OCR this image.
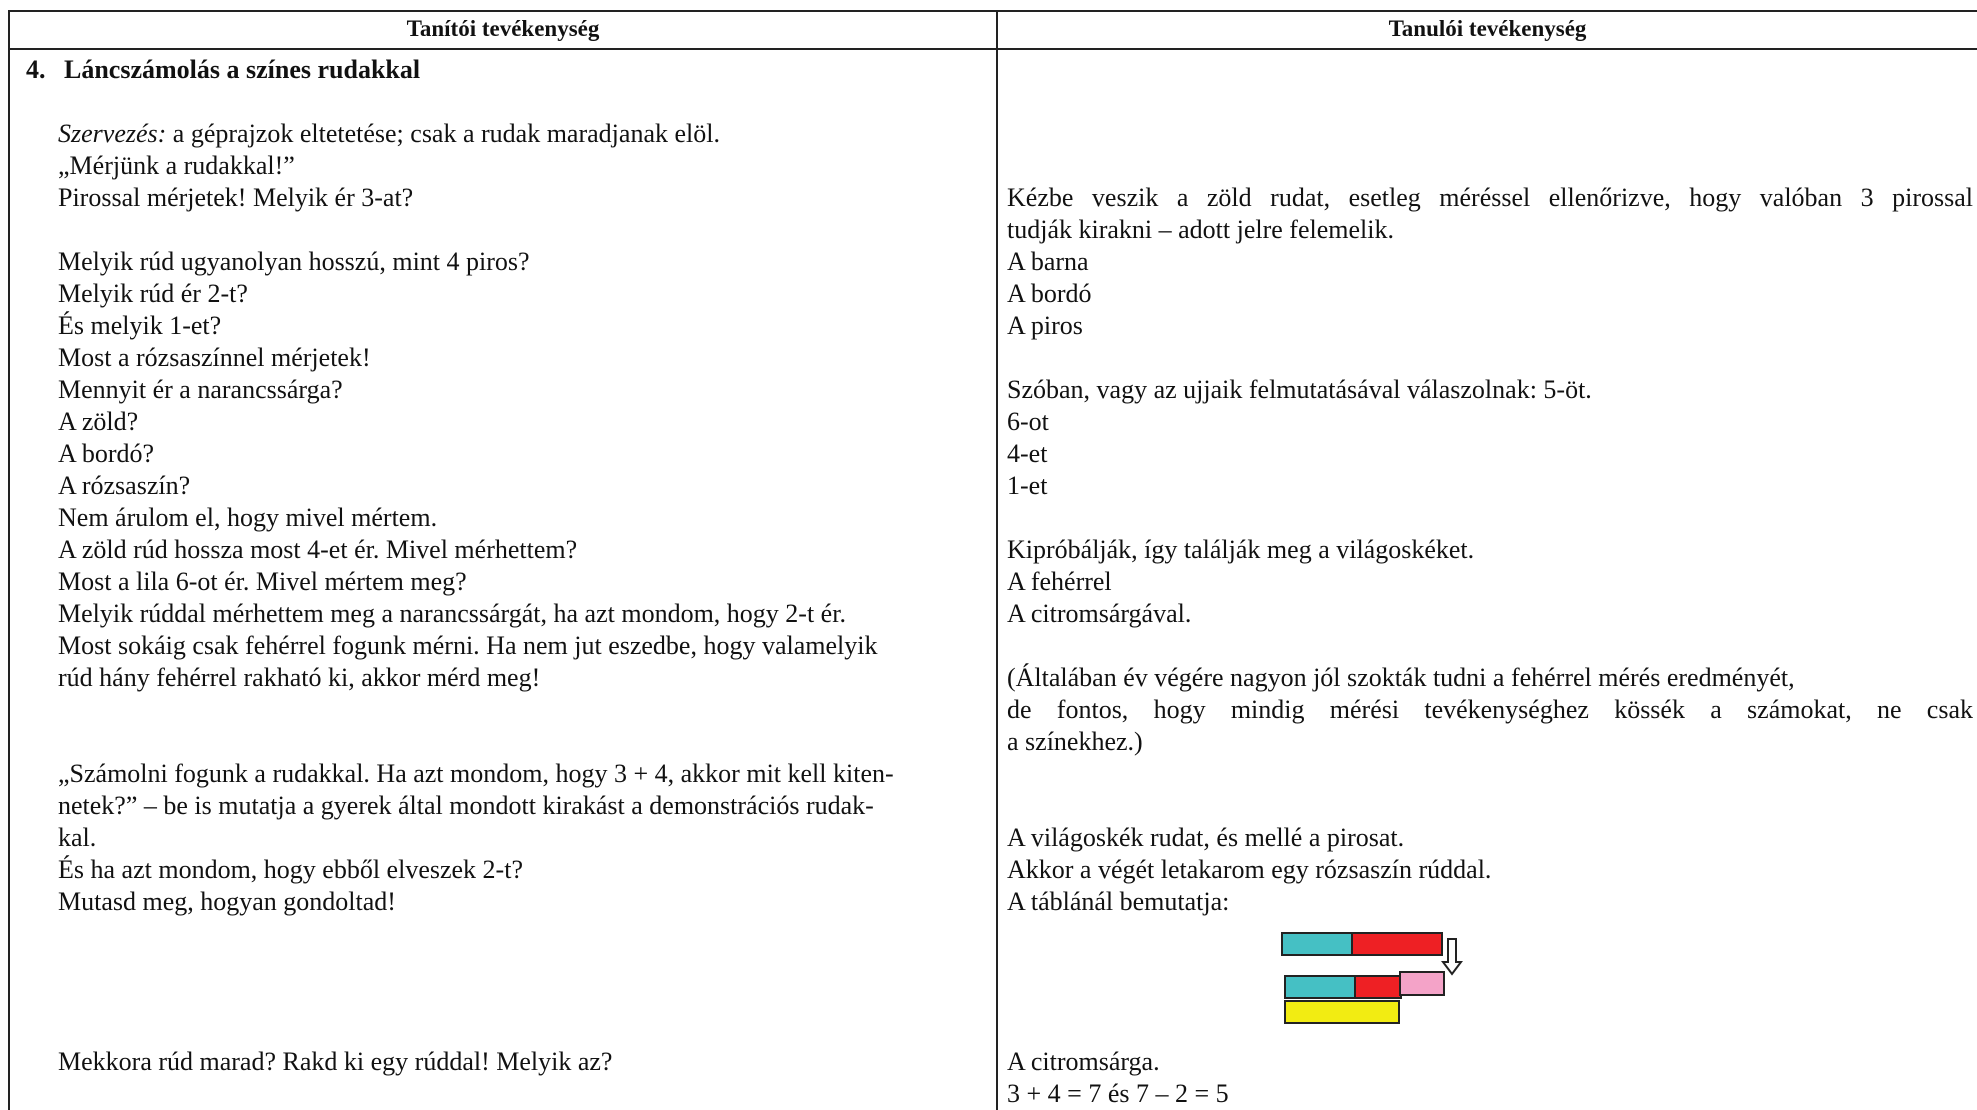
Tanítói tevékenység	Tanulói tevékenység
4. Láncszámolás a színes rudakkal
Szervezés: a géprajzok eltetetése; csak a rudak maradjanak elöl.
„Mérjünk a rudakkal!”
Pirossal mérjetek! Melyik ér 3-at?
Melyik rúd ugyanolyan hosszú, mint 4 piros?
Melyik rúd ér 2-t?
És melyik 1-et?
Most a rózsaszínnel mérjetek!
Mennyit ér a narancssárga?
A zöld?
A bordó?
A rózsaszín?
Nem árulom el, hogy mivel mértem.
A zöld rúd hossza most 4-et ér. Mivel mérhettem?
Most a lila 6-ot ér. Mivel mértem meg?
Melyik rúddal mérhettem meg a narancssárgát, ha azt mondom, hogy 2-t ér.
Most sokáig csak fehérrel fogunk mérni. Ha nem jut eszedbe, hogy valamelyik
rúd hány fehérrel rakható ki, akkor mérd meg!
„Számolni fogunk a rudakkal. Ha azt mondom, hogy 3 + 4, akkor mit kell kiten-
netek?” – be is mutatja a gyerek által mondott kirakást a demonstrációs rudak-
kal.
És ha azt mondom, hogy ebből elveszek 2-t?
Mutasd meg, hogyan gondoltad!
Mekkora rúd marad? Rakd ki egy rúddal! Melyik az?
Kézbe veszik a zöld rudat, esetleg méréssel ellenőrizve, hogy valóban 3 pirossal
tudják kirakni – adott jelre felemelik.
A barna
A bordó
A piros
Szóban, vagy az ujjaik felmutatásával válaszolnak: 5-öt.
6-ot
4-et
1-et
Kipróbálják, így találják meg a világoskéket.
A fehérrel
A citromsárgával.
(Általában év végére nagyon jól szokták tudni a fehérrel mérés eredményét,
de fontos, hogy mindig mérési tevékenységhez kössék a számokat, ne csak
a színekhez.)
A világoskék rudat, és mellé a pirosat.
Akkor a végét letakarom egy rózsaszín rúddal.
A táblánál bemutatja:
A citromsárga.
3 + 4 = 7 és 7 – 2 = 5
